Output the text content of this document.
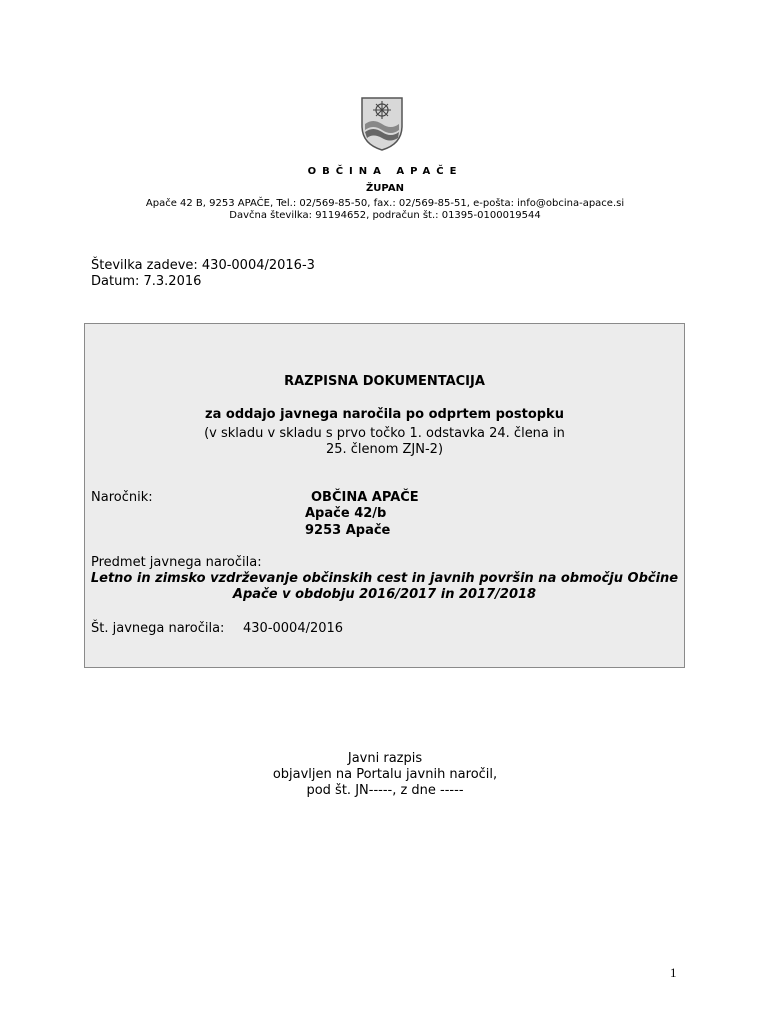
OBČINA APAČE
ŽUPAN
Apače 42 B, 9253 APAČE, Tel.: 02/569-85-50, fax.: 02/569-85-51, e-pošta: info@obcina-apace.si
Davčna številka: 91194652, podračun št.: 01395-0100019544
Številka zadeve: 430-0004/2016-3
Datum: 7.3.2016
RAZPISNA DOKUMENTACIJA
za oddajo javnega naročila po odprtem postopku
(v skladu v skladu s prvo točko 1. odstavka 24. člena in
25. členom ZJN-2)
Naročnik:	OBČINA APAČE
Apače 42/b
9253 Apače
Predmet javnega naročila:
Letno in zimsko vzdrževanje občinskih cest in javnih površin na območju Občine
Apače v obdobju 2016/2017 in 2017/2018
Št. javnega naročila: 430-0004/2016
Javni razpis
objavljen na Portalu javnih naročil,
pod št. JN-----, z dne -----
1
